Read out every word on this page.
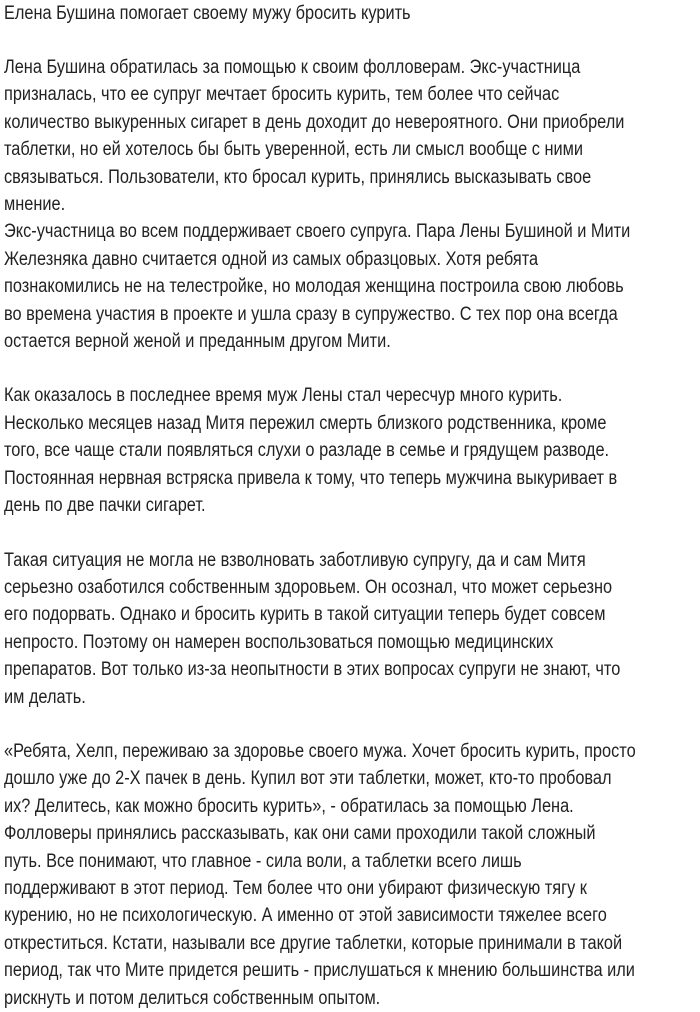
Елена Бушина помогает своему мужу бросить курить

Лена Бушина обратилась за помощью к своим фолловерам. Экс-участница
призналась, что ее супруг мечтает бросить курить, тем более что сейчас
количество выкуренных сигарет в день доходит до невероятного. Они приобрели
таблетки, но ей хотелось бы быть уверенной, есть ли смысл вообще с ними
связываться. Пользователи, кто бросал курить, принялись высказывать свое
мнение.
Экс-участница во всем поддерживает своего супруга. Пара Лены Бушиной и Мити
Железняка давно считается одной из самых образцовых. Хотя ребята
познакомились не на телестройке, но молодая женщина построила свою любовь
во времена участия в проекте и ушла сразу в супружество. С тех пор она всегда
остается верной женой и преданным другом Мити.

Как оказалось в последнее время муж Лены стал чересчур много курить.
Несколько месяцев назад Митя пережил смерть близкого родственника, кроме
того, все чаще стали появляться слухи о разладе в семье и грядущем разводе.
Постоянная нервная встряска привела к тому, что теперь мужчина выкуривает в
день по две пачки сигарет.

Такая ситуация не могла не взволновать заботливую супругу, да и сам Митя
серьезно озаботился собственным здоровьем. Он осознал, что может серьезно
его подорвать. Однако и бросить курить в такой ситуации теперь будет совсем
непросто. Поэтому он намерен воспользоваться помощью медицинских
препаратов. Вот только из-за неопытности в этих вопросах супруги не знают, что
им делать.

«Ребята, Хелп, переживаю за здоровье своего мужа. Хочет бросить курить, просто
дошло уже до 2-Х пачек в день. Купил вот эти таблетки, может, кто-то пробовал
их? Делитесь, как можно бросить курить», - обратилась за помощью Лена.
Фолловеры принялись рассказывать, как они сами проходили такой сложный
путь. Все понимают, что главное - сила воли, а таблетки всего лишь
поддерживают в этот период. Тем более что они убирают физическую тягу к
курению, но не психологическую. А именно от этой зависимости тяжелее всего
откреститься. Кстати, называли все другие таблетки, которые принимали в такой
период, так что Мите придется решить - прислушаться к мнению большинства или
рискнуть и потом делиться собственным опытом.
